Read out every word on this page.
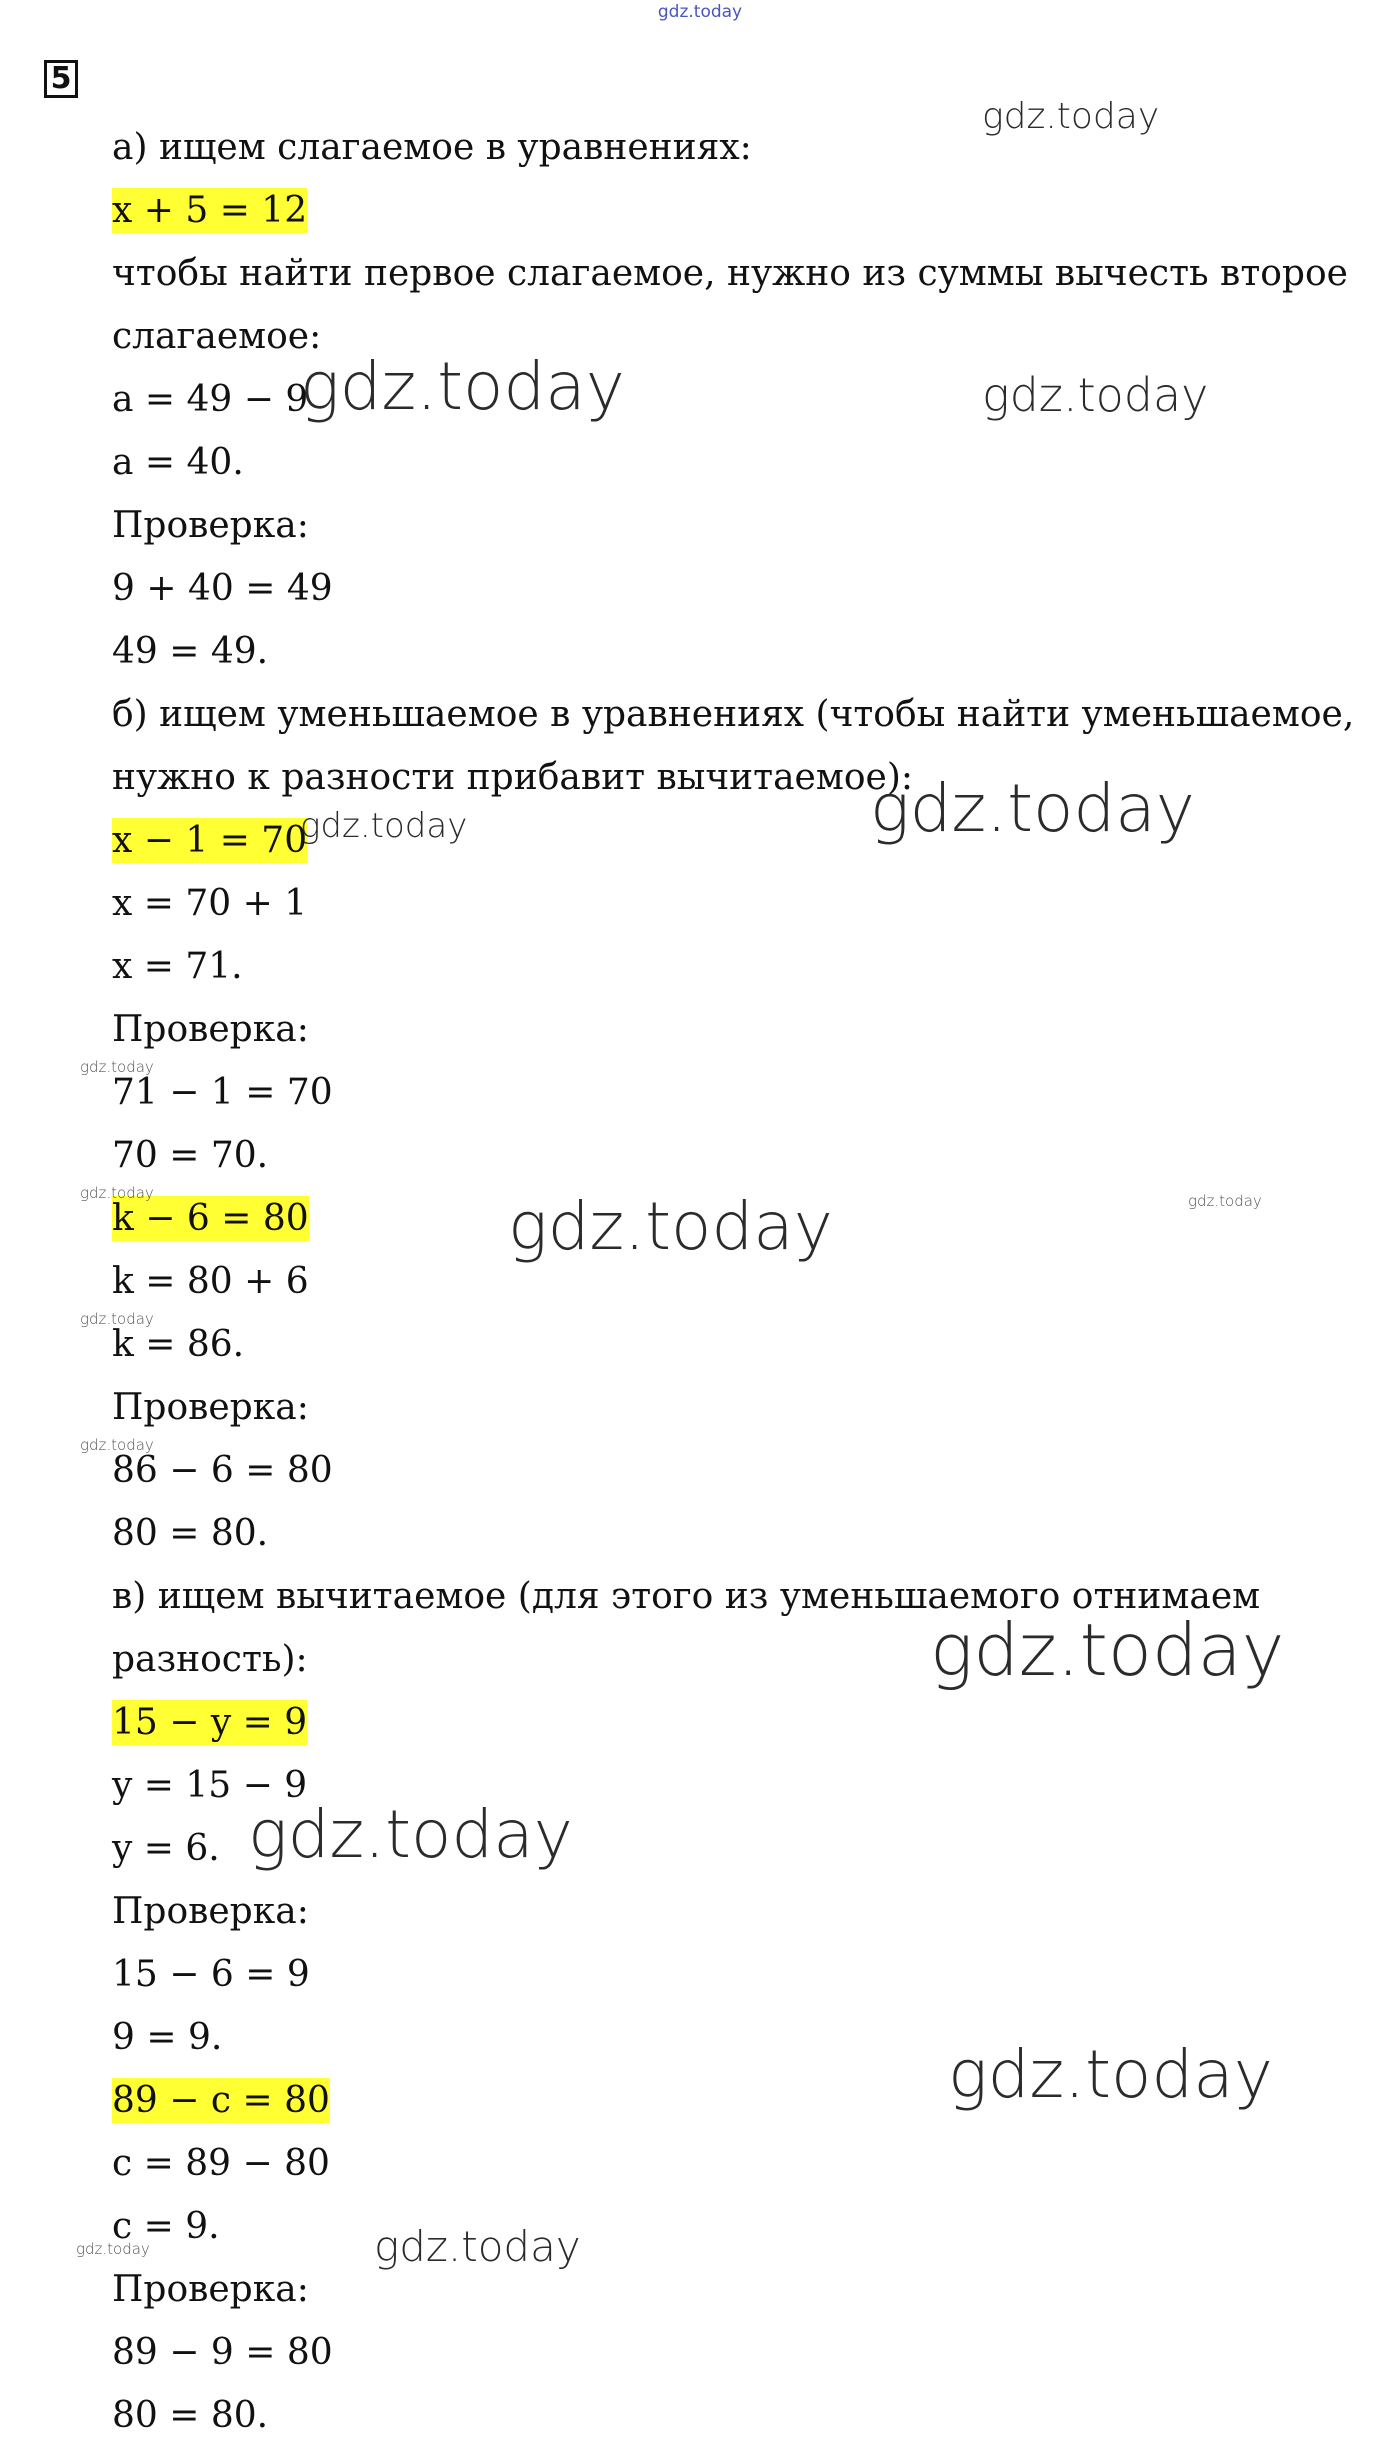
gdz.today
5
а) ищем слагаемое в уравнениях:
x + 5 = 12
чтобы найти первое слагаемое, нужно из суммы вычесть второе
слагаемое:
a = 49 − 9
a = 40.
Проверка:
9 + 40 = 49
49 = 49.
б) ищем уменьшаемое в уравнениях (чтобы найти уменьшаемое,
нужно к разности прибавит вычитаемое):
x − 1 = 70
x = 70 + 1
x = 71.
Проверка:
71 − 1 = 70
70 = 70.
k − 6 = 80
k = 80 + 6
k = 86.
Проверка:
86 − 6 = 80
80 = 80.
в) ищем вычитаемое (для этого из уменьшаемого отнимаем
разность):
15 − y = 9
y = 15 − 9
y = 6.
Проверка:
15 − 6 = 9
9 = 9.
89 − c = 80
c = 89 − 80
c = 9.
Проверка:
89 − 9 = 80
80 = 80.
gdz.today
gdz.today	gdz.today
gdz.today
gdz.today
gdz.today
gdz.today	gdz.today	gdz.today
gdz.today
gdz.today
gdz.today
gdz.today
gdz.today
gdz.today	gdz.today
